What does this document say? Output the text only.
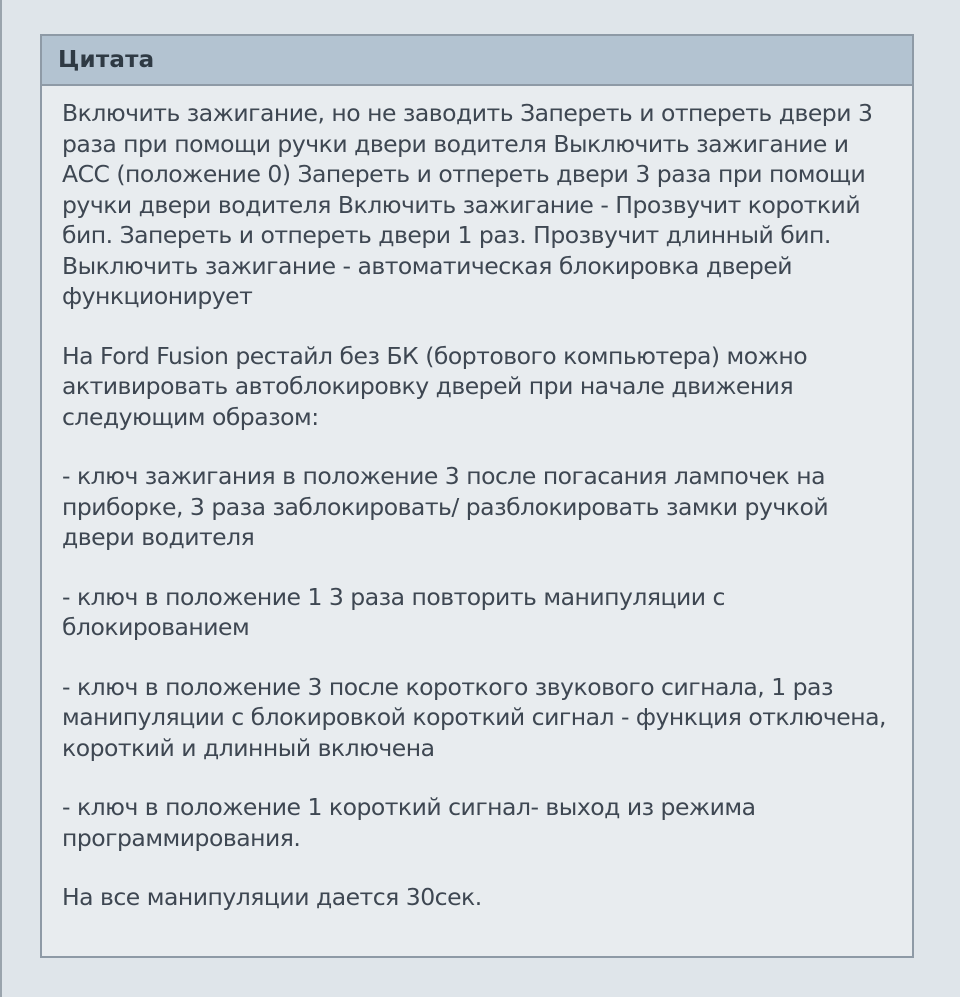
Цитата

Включить зажигание, но не заводить Запереть и отпереть двери 3 раза при помощи ручки двери водителя Выключить зажигание и АСС (положение 0) Запереть и отпереть двери 3 раза при помощи ручки двери водителя Включить зажигание - Прозвучит короткий бип. Запереть и отпереть двери 1 раз. Прозвучит длинный бип. Выключить зажигание - автоматическая блокировка дверей функционирует

На Ford Fusion рестайл без БК (бортового компьютера) можно активировать автоблокировку дверей при начале движения следующим образом:

- ключ зажигания в положение 3 после погасания лампочек на приборке, 3 раза заблокировать/ разблокировать замки ручкой двери водителя

- ключ в положение 1 3 раза повторить манипуляции с блокированием

- ключ в положение 3 после короткого звукового сигнала, 1 раз манипуляции с блокировкой короткий сигнал - функция отключена, короткий и длинный включена

- ключ в положение 1 короткий сигнал- выход из режима программирования.

На все манипуляции дается 30сек.
